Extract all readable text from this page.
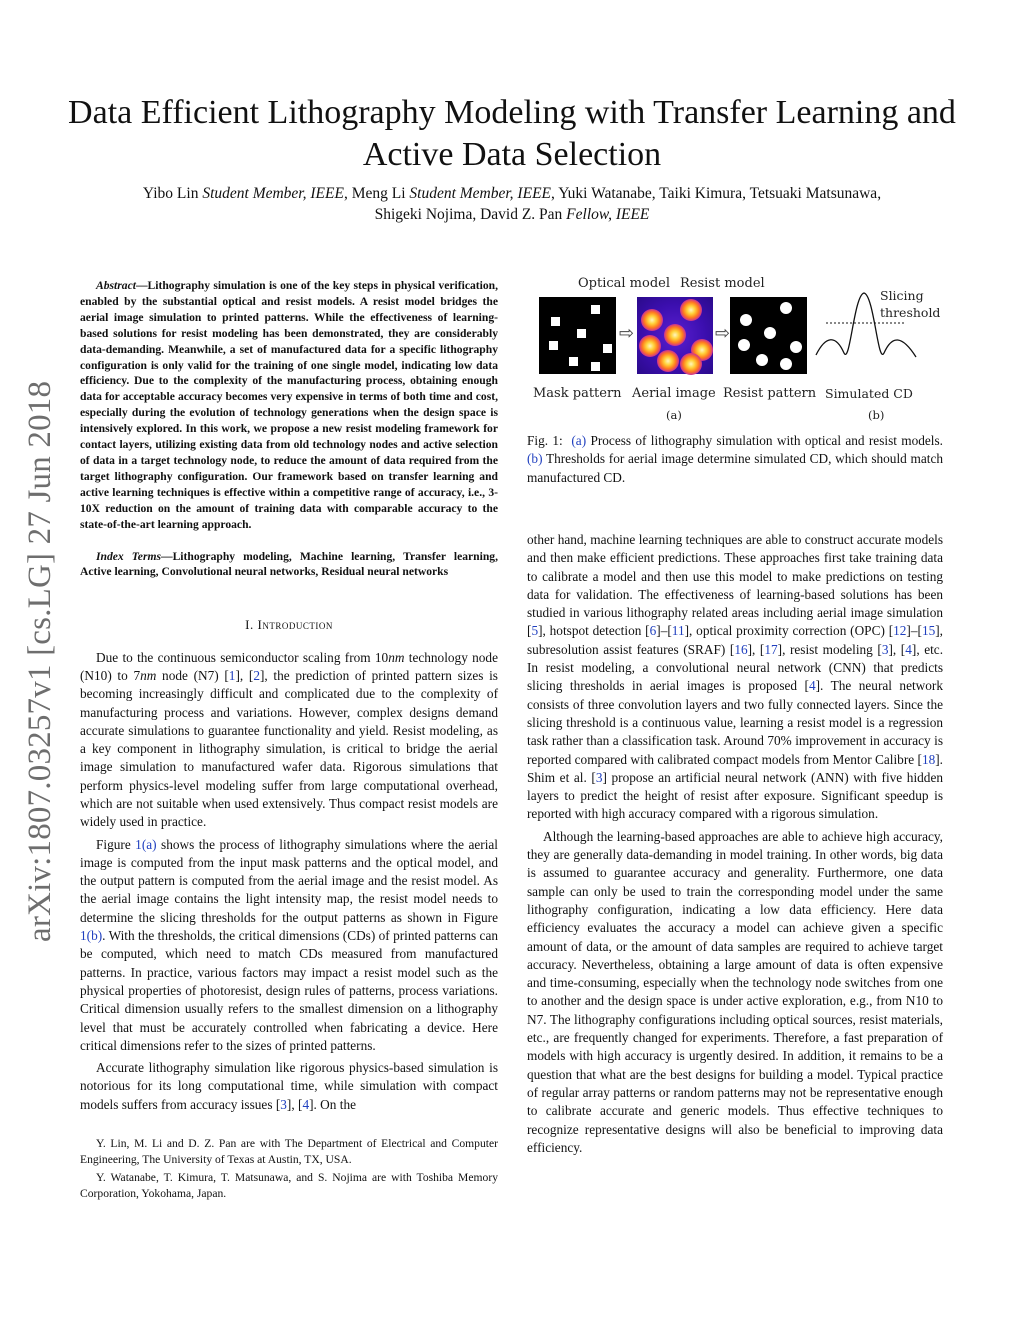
arXiv:1807.03257v1 [cs.LG] 27 Jun 2018
Data Efficient Lithography Modeling with Transfer Learning and Active Data Selection
Yibo Lin Student Member, IEEE, Meng Li Student Member, IEEE, Yuki Watanabe, Taiki Kimura, Tetsuaki Matsunawa,
Shigeki Nojima, David Z. Pan Fellow, IEEE

Abstract—Lithography simulation is one of the key steps in physical verification, enabled by the substantial optical and resist models. A resist model bridges the aerial image simulation to printed patterns. While the effectiveness of learning-based solutions for resist modeling has been demonstrated, they are considerably data-demanding. Meanwhile, a set of manufactured data for a specific lithography configuration is only valid for the training of one single model, indicating low data efficiency. Due to the complexity of the manufacturing process, obtaining enough data for acceptable accuracy becomes very expensive in terms of both time and cost, especially during the evolution of technology generations when the design space is intensively explored. In this work, we propose a new resist modeling framework for contact layers, utilizing existing data from old technology nodes and active selection of data in a target technology node, to reduce the amount of data required from the target lithography configuration. Our framework based on transfer learning and active learning techniques is effective within a competitive range of accuracy, i.e., 3-10X reduction on the amount of training data with comparable accuracy to the state-of-the-art learning approach.

Index Terms—Lithography modeling, Machine learning, Transfer learning, Active learning, Convolutional neural networks, Residual neural networks

I. Introduction

Due to the continuous semiconductor scaling from 10nm technology node (N10) to 7nm node (N7) [1], [2], the prediction of printed pattern sizes is becoming increasingly difficult and complicated due to the complexity of manufacturing process and variations. However, complex designs demand accurate simulations to guarantee functionality and yield. Resist modeling, as a key component in lithography simulation, is critical to bridge the aerial image simulation to manufactured wafer data. Rigorous simulations that perform physics-level modeling suffer from large computational overhead, which are not suitable when used extensively. Thus compact resist models are widely used in practice.

Figure 1(a) shows the process of lithography simulations where the aerial image is computed from the input mask patterns and the optical model, and the output pattern is computed from the aerial image and the resist model. As the aerial image contains the light intensity map, the resist model needs to determine the slicing thresholds for the output patterns as shown in Figure 1(b). With the thresholds, the critical dimensions (CDs) of printed patterns can be computed, which need to match CDs measured from manufactured patterns. In practice, various factors may impact a resist model such as the physical properties of photoresist, design rules of patterns, process variations. Critical dimension usually refers to the smallest dimension on a lithography level that must be accurately controlled when fabricating a device. Here critical dimensions refer to the sizes of printed patterns.

Accurate lithography simulation like rigorous physics-based simulation is notorious for its long computational time, while simulation with compact models suffers from accuracy issues [3], [4]. On the

Y. Lin, M. Li and D. Z. Pan are with The Department of Electrical and Computer Engineering, The University of Texas at Austin, TX, USA.

Y. Watanabe, T. Kimura, T. Matsunawa, and S. Nojima are with Toshiba Memory Corporation, Yokohama, Japan.

Optical model Resist model
⇨	⇨
Slicing
threshold
Mask pattern Aerial image Resist pattern Simulated CD
(a)	(b)
Fig. 1:  (a) Process of lithography simulation with optical and resist models. (b) Thresholds for aerial image determine simulated CD, which should match manufactured CD.

other hand, machine learning techniques are able to construct accurate models and then make efficient predictions. These approaches first take training data to calibrate a model and then use this model to make predictions on testing data for validation. The effectiveness of learning-based solutions has been studied in various lithography related areas including aerial image simulation [5], hotspot detection [6]–[11], optical proximity correction (OPC) [12]–[15], subresolution assist features (SRAF) [16], [17], resist modeling [3], [4], etc. In resist modeling, a convolutional neural network (CNN) that predicts slicing thresholds in aerial images is proposed [4]. The neural network consists of three convolution layers and two fully connected layers. Since the slicing threshold is a continuous value, learning a resist model is a regression task rather than a classification task. Around 70% improvement in accuracy is reported compared with calibrated compact models from Mentor Calibre [18]. Shim et al. [3] propose an artificial neural network (ANN) with five hidden layers to predict the height of resist after exposure. Significant speedup is reported with high accuracy compared with a rigorous simulation.

Although the learning-based approaches are able to achieve high accuracy, they are generally data-demanding in model training. In other words, big data is assumed to guarantee accuracy and generality. Furthermore, one data sample can only be used to train the corresponding model under the same lithography configuration, indicating a low data efficiency. Here data efficiency evaluates the accuracy a model can achieve given a specific amount of data, or the amount of data samples are required to achieve target accuracy. Nevertheless, obtaining a large amount of data is often expensive and time-consuming, especially when the technology node switches from one to another and the design space is under active exploration, e.g., from N10 to N7. The lithography configurations including optical sources, resist materials, etc., are frequently changed for experiments. Therefore, a fast preparation of models with high accuracy is urgently desired. In addition, it remains to be a question that what are the best designs for building a model. Typical practice of regular array patterns or random patterns may not be representative enough to calibrate accurate and generic models. Thus effective techniques to recognize representative designs will also be beneficial to improving data efficiency.
